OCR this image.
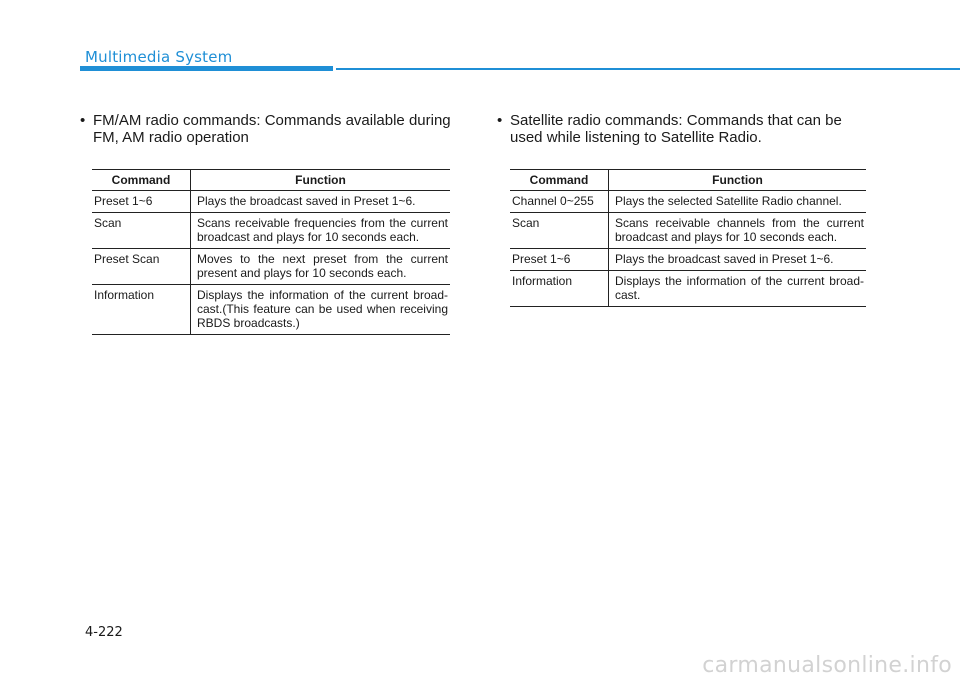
Multimedia System

• FM/AM radio commands: Commands available during
FM, AM radio operation

• Satellite radio commands: Commands that can be
used while listening to Satellite Radio.

Command	Function
Preset 1~6	Plays the broadcast saved in Preset 1~6.
Scan	Scans receivable frequencies from the current broadcast and plays for 10 seconds each.
Preset Scan	Moves to the next preset from the current present and plays for 10 seconds each.
Information	Displays the information of the current broad-cast.(This feature can be used when receiving RBDS broadcasts.)
Command	Function
Channel 0~255	Plays the selected Satellite Radio channel.
Scan	Scans receivable channels from the current broadcast and plays for 10 seconds each.
Preset 1~6	Plays the broadcast saved in Preset 1~6.
Information	Displays the information of the current broad-cast.
4-222
carmanualsonline.info
